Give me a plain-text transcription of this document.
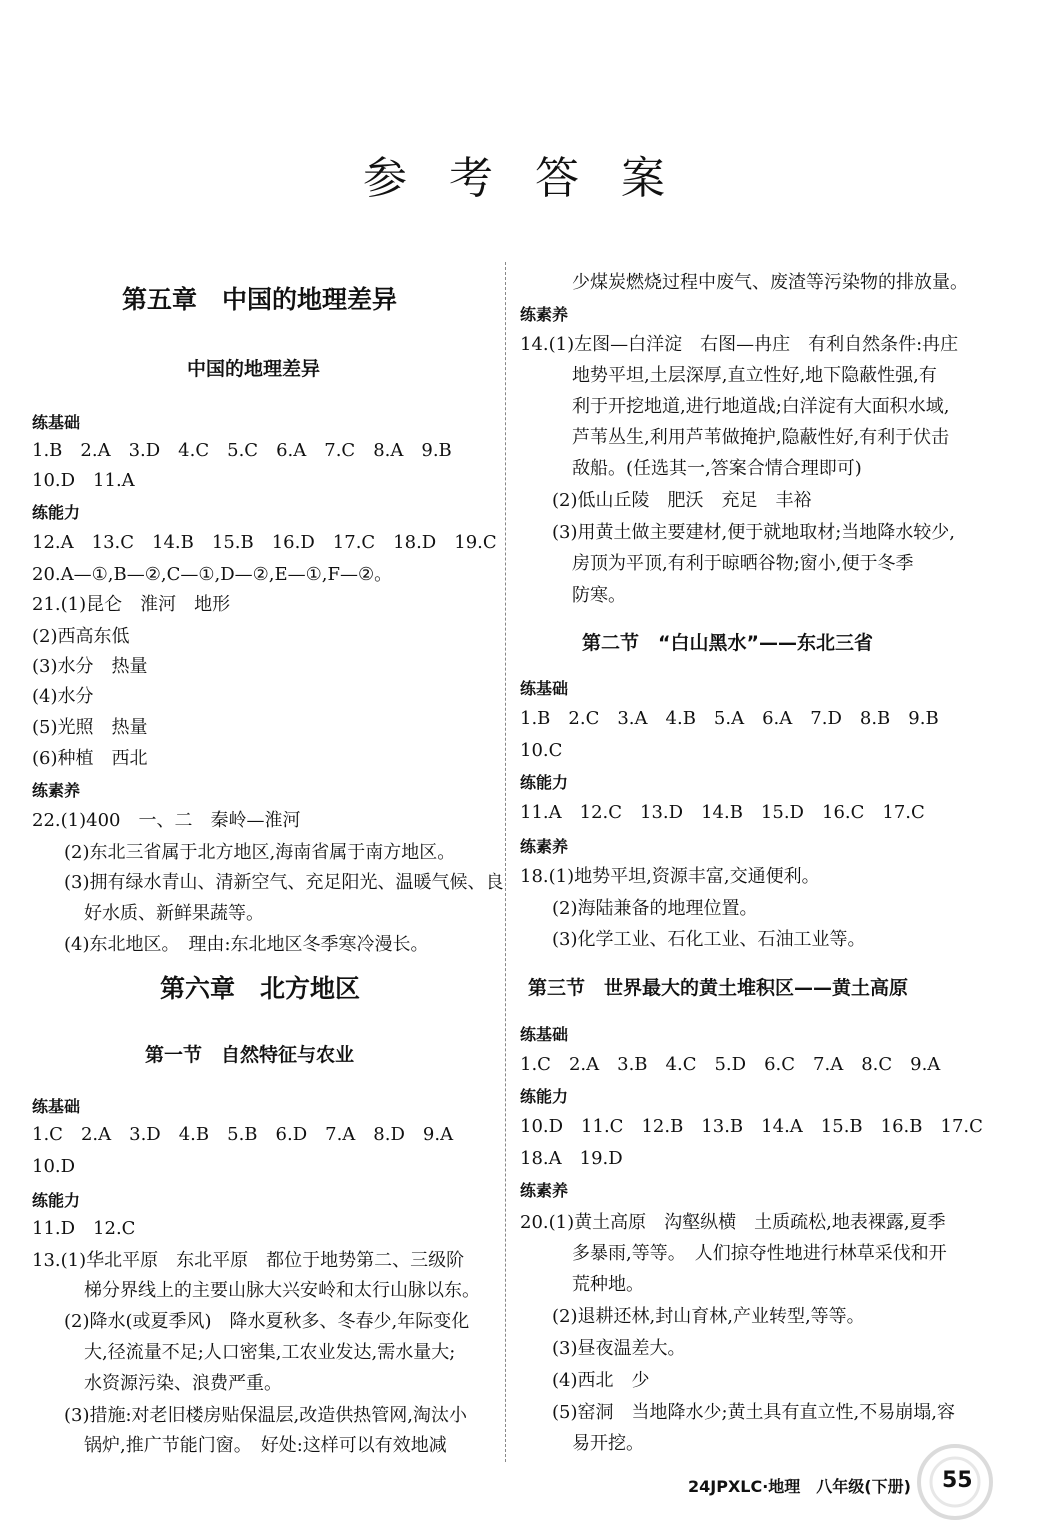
参 考 答 案
第五章　中国的地理差异
中国的地理差异
练基础
1.B　2.A　3.D　4.C　5.C　6.A　7.C　8.A　9.B
10.D　11.A
练能力
12.A　13.C　14.B　15.B　16.D　17.C　18.D　19.C
20.A—①,B—②,C—①,D—②,E—①,F—②。
21.(1)昆仑　淮河　地形
(2)西高东低
(3)水分　热量
(4)水分
(5)光照　热量
(6)种植　西北
练素养
22.(1)400　一、二　秦岭—淮河
(2)东北三省属于北方地区,海南省属于南方地区。
(3)拥有绿水青山、清新空气、充足阳光、温暖气候、良
好水质、新鲜果蔬等。
(4)东北地区。　理由:东北地区冬季寒冷漫长。
第六章　北方地区
第一节　自然特征与农业
练基础
1.C　2.A　3.D　4.B　5.B　6.D　7.A　8.D　9.A
10.D
练能力
11.D　12.C
13.(1)华北平原　东北平原　都位于地势第二、三级阶
梯分界线上的主要山脉大兴安岭和太行山脉以东。
(2)降水(或夏季风)　降水夏秋多、冬春少,年际变化
大,径流量不足;人口密集,工农业发达,需水量大;
水资源污染、浪费严重。
(3)措施:对老旧楼房贴保温层,改造供热管网,淘汰小
锅炉,推广节能门窗。　好处:这样可以有效地减
少煤炭燃烧过程中废气、废渣等污染物的排放量。
练素养
14.(1)左图—白洋淀　右图—冉庄　有利自然条件:冉庄
地势平坦,土层深厚,直立性好,地下隐蔽性强,有
利于开挖地道,进行地道战;白洋淀有大面积水域,
芦苇丛生,利用芦苇做掩护,隐蔽性好,有利于伏击
敌船。(任选其一,答案合情合理即可)
(2)低山丘陵　肥沃　充足　丰裕
(3)用黄土做主要建材,便于就地取材;当地降水较少,
房顶为平顶,有利于晾晒谷物;窗小,便于冬季
防寒。
第二节　“白山黑水”——东北三省
练基础
1.B　2.C　3.A　4.B　5.A　6.A　7.D　8.B　9.B
10.C
练能力
11.A　12.C　13.D　14.B　15.D　16.C　17.C
练素养
18.(1)地势平坦,资源丰富,交通便利。
(2)海陆兼备的地理位置。
(3)化学工业、石化工业、石油工业等。
第三节　世界最大的黄土堆积区——黄土高原
练基础
1.C　2.A　3.B　4.C　5.D　6.C　7.A　8.C　9.A
练能力
10.D　11.C　12.B　13.B　14.A　15.B　16.B　17.C
18.A　19.D
练素养
20.(1)黄土高原　沟壑纵横　土质疏松,地表裸露,夏季
多暴雨,等等。　人们掠夺性地进行林草采伐和开
荒种地。
(2)退耕还林,封山育林,产业转型,等等。
(3)昼夜温差大。
(4)西北　少
(5)窑洞　当地降水少;黄土具有直立性,不易崩塌,容
易开挖。
24JPXLC·地理　八年级(下册) 55
